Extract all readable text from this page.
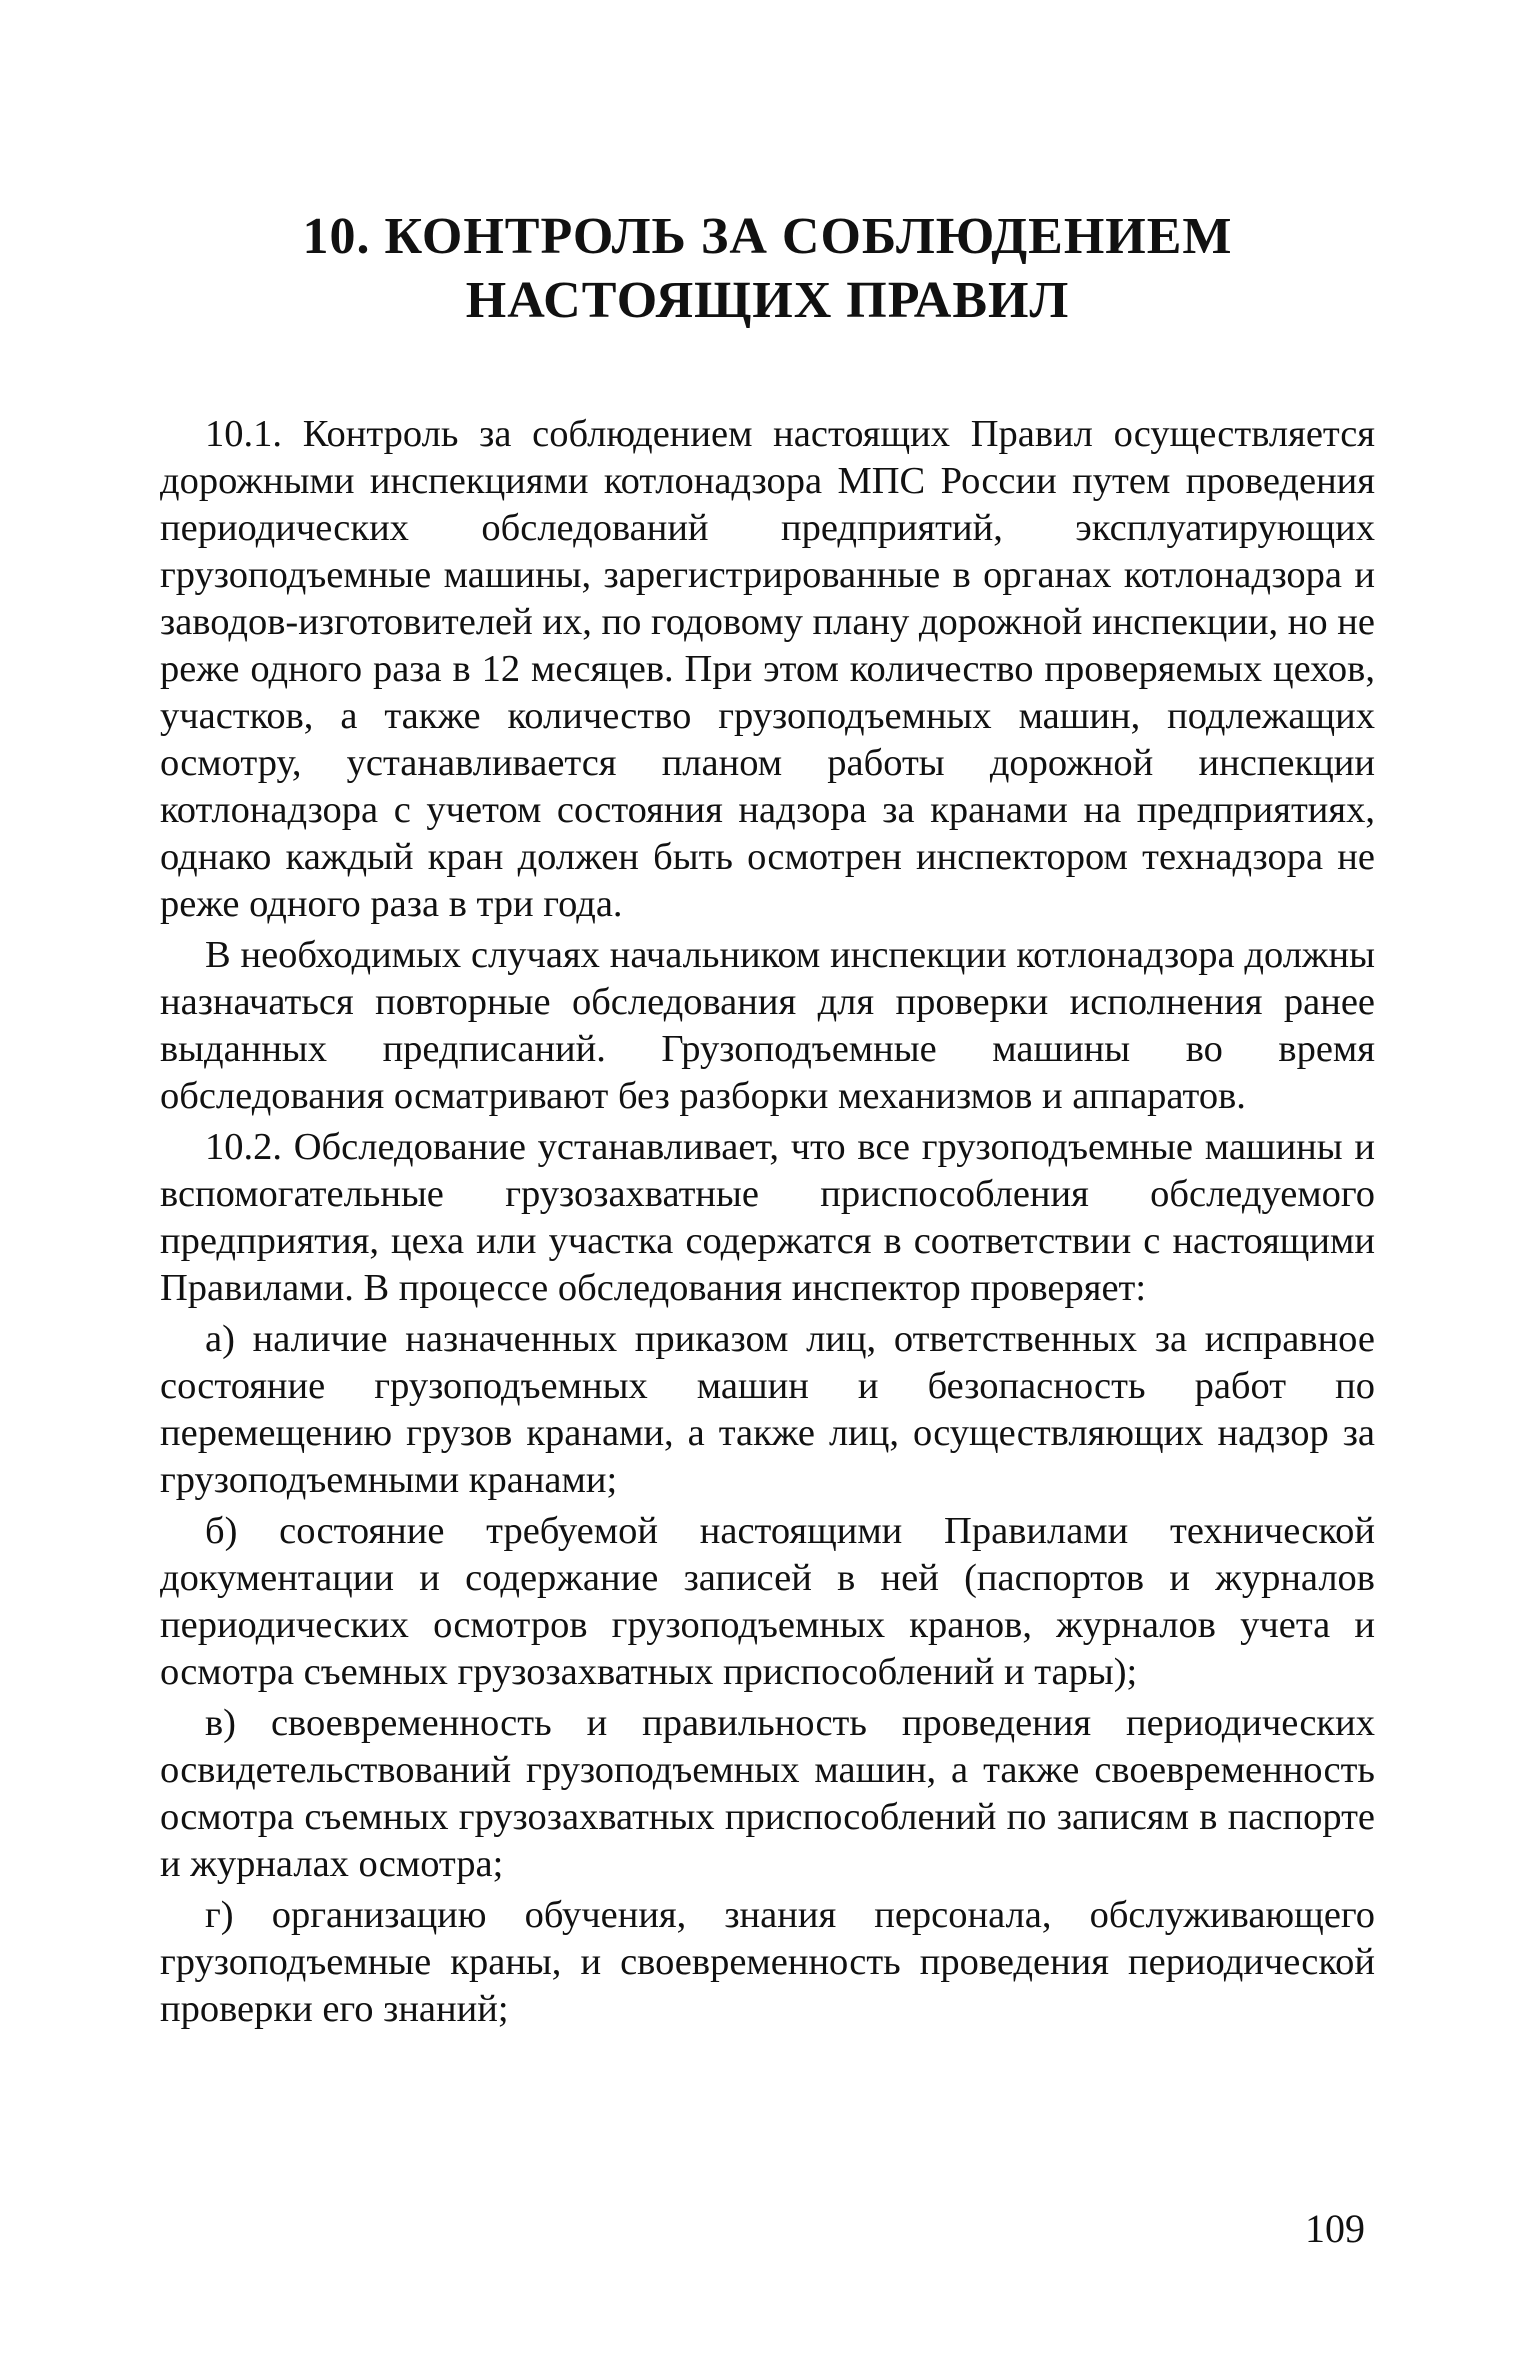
10. КОНТРОЛЬ ЗА СОБЛЮДЕНИЕМ
НАСТОЯЩИХ ПРАВИЛ

10.1. Контроль за соблюдением настоящих Правил осуществляется дорожными инспекциями котлонадзора МПС России путем проведения периодических обследований предприятий, эксплуатирующих грузоподъемные машины, зарегистрированные в органах котлонадзора и заводов-изготовителей их, по годовому плану дорожной инспекции, но не реже одного раза в 12 месяцев. При этом количество проверяемых цехов, участков, а также количество грузоподъемных машин, подлежащих осмотру, устанавливается планом работы дорожной инспекции котлонадзора с учетом состояния надзора за кранами на предприятиях, однако каждый кран должен быть осмотрен инспектором технадзора не реже одного раза в три года.

В необходимых случаях начальником инспекции котлонадзора должны назначаться повторные обследования для проверки исполнения ранее выданных предписаний. Грузоподъемные машины во время обследования осматривают без разборки механизмов и аппаратов.

10.2. Обследование устанавливает, что все грузоподъемные машины и вспомогательные грузозахватные приспособления обследуемого предприятия, цеха или участка содержатся в соответствии с настоящими Правилами. В процессе обследования инспектор проверяет:

а) наличие назначенных приказом лиц, ответственных за исправное состояние грузоподъемных машин и безопасность работ по перемещению грузов кранами, а также лиц, осуществляющих надзор за грузоподъемными кранами;

б) состояние требуемой настоящими Правилами технической документации и содержание записей в ней (паспортов и журналов периодических осмотров грузоподъемных кранов, журналов учета и осмотра съемных грузозахватных приспособлений и тары);

в) своевременность и правильность проведения периодических освидетельствований грузоподъемных машин, а также своевременность осмотра съемных грузозахватных приспособлений по записям в паспорте и журналах осмотра;

г) организацию обучения, знания персонала, обслуживающего грузоподъемные краны, и своевременность проведения периодической проверки его знаний;

109
